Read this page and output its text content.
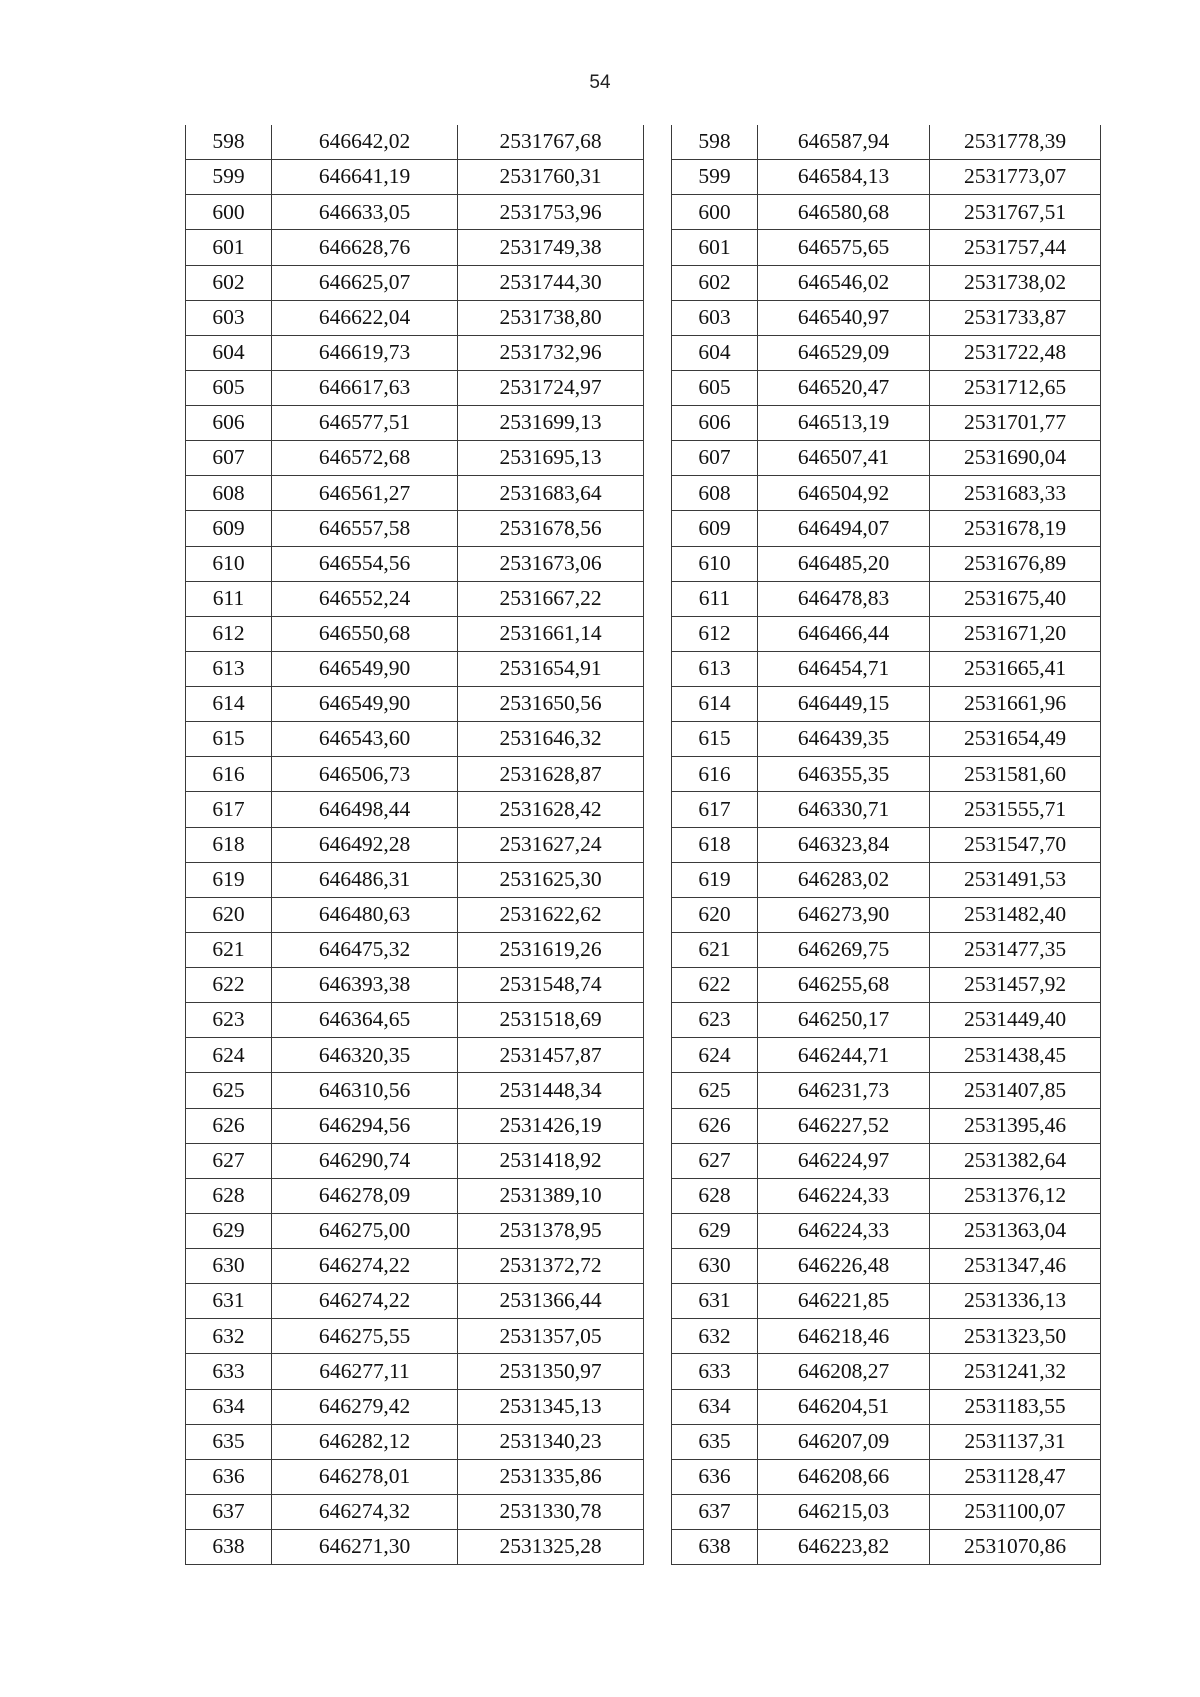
54
598	646642,02	2531767,68
599	646641,19	2531760,31
600	646633,05	2531753,96
601	646628,76	2531749,38
602	646625,07	2531744,30
603	646622,04	2531738,80
604	646619,73	2531732,96
605	646617,63	2531724,97
606	646577,51	2531699,13
607	646572,68	2531695,13
608	646561,27	2531683,64
609	646557,58	2531678,56
610	646554,56	2531673,06
611	646552,24	2531667,22
612	646550,68	2531661,14
613	646549,90	2531654,91
614	646549,90	2531650,56
615	646543,60	2531646,32
616	646506,73	2531628,87
617	646498,44	2531628,42
618	646492,28	2531627,24
619	646486,31	2531625,30
620	646480,63	2531622,62
621	646475,32	2531619,26
622	646393,38	2531548,74
623	646364,65	2531518,69
624	646320,35	2531457,87
625	646310,56	2531448,34
626	646294,56	2531426,19
627	646290,74	2531418,92
628	646278,09	2531389,10
629	646275,00	2531378,95
630	646274,22	2531372,72
631	646274,22	2531366,44
632	646275,55	2531357,05
633	646277,11	2531350,97
634	646279,42	2531345,13
635	646282,12	2531340,23
636	646278,01	2531335,86
637	646274,32	2531330,78
638	646271,30	2531325,28
598	646587,94	2531778,39
599	646584,13	2531773,07
600	646580,68	2531767,51
601	646575,65	2531757,44
602	646546,02	2531738,02
603	646540,97	2531733,87
604	646529,09	2531722,48
605	646520,47	2531712,65
606	646513,19	2531701,77
607	646507,41	2531690,04
608	646504,92	2531683,33
609	646494,07	2531678,19
610	646485,20	2531676,89
611	646478,83	2531675,40
612	646466,44	2531671,20
613	646454,71	2531665,41
614	646449,15	2531661,96
615	646439,35	2531654,49
616	646355,35	2531581,60
617	646330,71	2531555,71
618	646323,84	2531547,70
619	646283,02	2531491,53
620	646273,90	2531482,40
621	646269,75	2531477,35
622	646255,68	2531457,92
623	646250,17	2531449,40
624	646244,71	2531438,45
625	646231,73	2531407,85
626	646227,52	2531395,46
627	646224,97	2531382,64
628	646224,33	2531376,12
629	646224,33	2531363,04
630	646226,48	2531347,46
631	646221,85	2531336,13
632	646218,46	2531323,50
633	646208,27	2531241,32
634	646204,51	2531183,55
635	646207,09	2531137,31
636	646208,66	2531128,47
637	646215,03	2531100,07
638	646223,82	2531070,86
